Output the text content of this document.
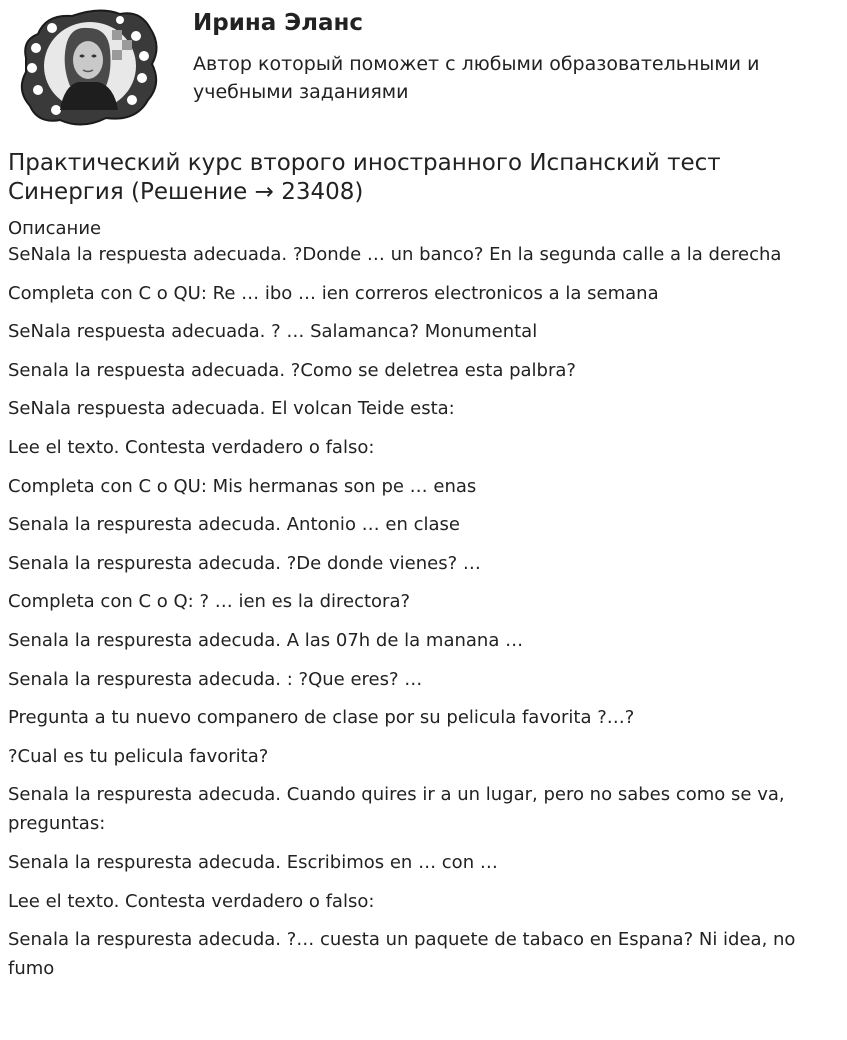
Ирина Эланс
Автор который поможет с любыми образовательными и учебными заданиями
Практический курс второго иностранного Испанский тест Синергия (Решение → 23408)
Описание
SeNala la respuesta adecuada. ?Donde … un banco? En la segunda calle a la derecha
Completa con C o QU: Re … ibo … ien correros electronicos a la semana
SeNala respuesta adecuada. ? … Salamanca? Monumental
Senala la respuesta adecuada. ?Como se deletrea esta palbra?
SeNala respuesta adecuada. El volcan Teide esta:
Lee el texto. Contesta verdadero o falso:
Completa con C o QU: Mis hermanas son pe … enas
Senala la respuresta adecuda. Antonio … en clase
Senala la respuresta adecuda. ?De donde vienes? …
Completa con C o Q: ? … ien es la directora?
Senala la respuresta adecuda. A las 07h de la manana …
Senala la respuresta adecuda. : ?Que eres? …
Pregunta a tu nuevo companero de clase por su pelicula favorita ?…?
?Cual es tu pelicula favorita?
Senala la respuresta adecuda. Cuando quires ir a un lugar, pero no sabes como se va, preguntas:
Senala la respuresta adecuda. Escribimos en … con …
Lee el texto. Contesta verdadero o falso:
Senala la respuresta adecuda. ?… cuesta un paquete de tabaco en Espana? Ni idea, no fumo
